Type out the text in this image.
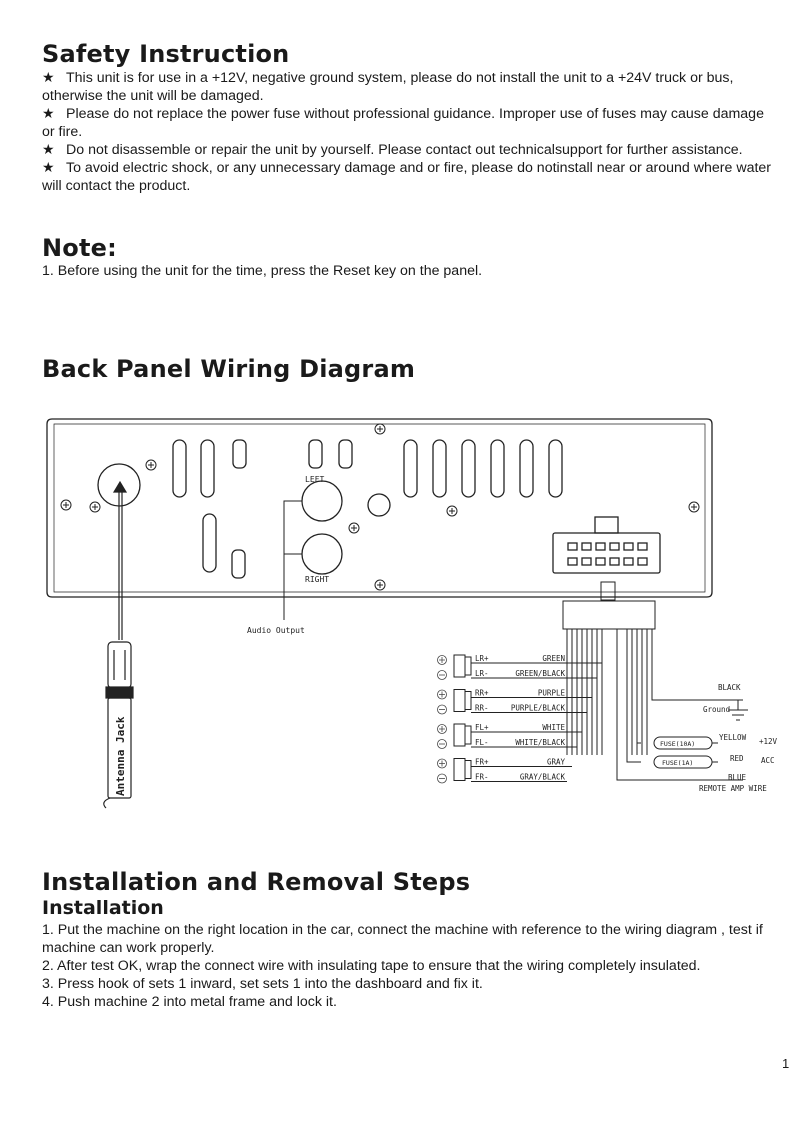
Safety Instruction

★ This unit is for use in a +12V, negative ground system, please do not install the unit to a +24V truck or bus, otherwise the unit will be damaged.

★ Please do not replace the power fuse without professional guidance. Improper use of fuses may cause damage or fire.

★ Do not disassemble or repair the unit by yourself. Please contact out technicalsupport for further assistance.

★ To avoid electric shock, or any unnecessary damage and or fire, please do notinstall near or around where water will contact the product.

Note:

1. Before using the unit for the time, press the Reset key on the panel.

Back Panel Wiring Diagram
LEFT
RIGHT
Audio Output
Antenna Jack
LR+	GREEN
LR-	GREEN/BLACK
RR+	PURPLE
RR-	PURPLE/BLACK
FL+	WHITE
FL-	WHITE/BLACK
FR+	GRAY
FR-	GRAY/BLACK
BLACK
Ground
YELLOW +12V
FUSE(10A)
RED ACC
FUSE(1A)
BLUE
REMOTE AMP WIRE
Installation and Removal Steps
Installation

1. Put the machine on the right location in the car, connect the machine with reference to the wiring diagram , test if machine can work properly.

2. After test OK, wrap the connect wire with insulating tape to ensure that the wiring completely insulated.

3. Press hook of sets 1 inward, set sets 1 into the dashboard and fix it.

4. Push machine 2 into metal frame and lock it.

1
